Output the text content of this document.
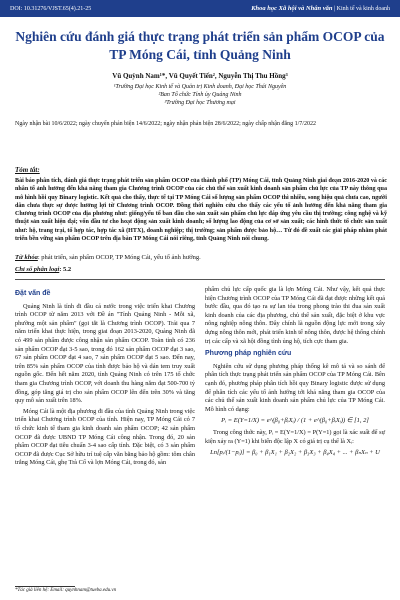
DOI: 10.31276/VJST.65(4).21-25	Khoa học Xã hội và Nhân văn | Kinh tế và kinh doanh
Nghiên cứu đánh giá thực trạng phát triển sản phẩm OCOP của TP Móng Cái, tỉnh Quảng Ninh
Vũ Quỳnh Nam¹*, Vũ Quyết Tiến², Nguyễn Thị Thu Hồng³
¹Trường Đại học Kinh tế và Quản trị Kinh doanh, Đại học Thái Nguyên
²Ban Tổ chức Tỉnh ủy Quảng Ninh
³Trường Đại học Thương mại
Ngày nhận bài 10/6/2022; ngày chuyển phản biện 14/6/2022; ngày nhận phản biện 28/6/2022; ngày chấp nhận đăng 1/7/2022
Tóm tắt:
Bài báo phân tích, đánh giá thực trạng phát triển sản phẩm OCOP của thành phố (TP) Móng Cái, tỉnh Quảng Ninh giai đoạn 2016-2020 và các nhân tố ảnh hưởng đến khả năng tham gia Chương trình OCOP của các chủ thể sản xuất kinh doanh sản phẩm chủ lực của TP này thông qua mô hình hồi quy Binary logistic. Kết quả cho thấy, thực tế tại TP Móng Cái số lượng sản phẩm OCOP thì nhiều, song hiệu quả chưa cao, người dân chưa thực sự được hưởng lợi từ Chương trình OCOP. Đồng thời nghiên cứu cho thấy các yếu tố ảnh hưởng đến khả năng tham gia Chương trình OCOP của địa phương như: giống/yếu tố ban đầu cho sản xuất sản phẩm chủ lực đáp ứng yêu cầu thị trường; công nghệ và kỹ thuật sản xuất hiện đại; vốn đầu tư cho hoạt động sản xuất kinh doanh; số lượng lao động của cơ sở sản xuất; các hình thức tổ chức sản xuất như: hộ, trang trại, tổ hợp tác, hợp tác xã (HTX), doanh nghiệp; thị trường; sản phẩm được bảo hộ… Từ đó đề xuất các giải pháp nhằm phát triển bền vững sản phẩm OCOP trên địa bàn TP Móng Cái nói riêng, tỉnh Quảng Ninh nói chung.
Từ khóa: phát triển, sản phẩm OCOP, TP Móng Cái, yếu tố ảnh hưởng.
Chỉ số phân loại: 5.2
Đặt vấn đề

Quảng Ninh là tỉnh đi đầu cả nước trong việc triển khai Chương trình OCOP từ năm 2013 với Đề án "Tỉnh Quảng Ninh - Mỗi xã, phường một sản phẩm" (gọi tắt là Chương trình OCOP). Trải qua 7 năm triển khai thực hiện, trong giai đoạn 2013-2020, Quảng Ninh đã có 499 sản phẩm được công nhận sản phẩm OCOP. Toàn tỉnh có 236 sản phẩm OCOP đạt 3-5 sao, trong đó 162 sản phẩm OCOP đạt 3 sao, 67 sản phẩm OCOP đạt 4 sao, 7 sản phẩm OCOP đạt 5 sao. Đến nay, trên 85% sản phẩm OCOP của tỉnh được bảo hộ và dán tem truy xuất nguồn gốc. Đến hết năm 2020, tỉnh Quảng Ninh có trên 175 tổ chức tham gia Chương trình OCOP, với doanh thu hàng năm đạt 500-700 tỷ đồng, góp tăng giá trị cho sản phẩm OCOP lên đến trên 30% và tăng quy mô sản xuất trên 18%.

Móng Cái là một địa phương đi đầu của tỉnh Quảng Ninh trong việc triển khai Chương trình OCOP của tỉnh. Hiện nay, TP Móng Cái có 7 tổ chức kinh tế tham gia kinh doanh sản phẩm OCOP; 42 sản phẩm OCOP đã được UBND TP Móng Cái công nhận. Trong đó, 20 sản phẩm OCOP đạt tiêu chuẩn 3-4 sao cấp tỉnh. Đặc biệt, có 3 sản phẩm OCOP đã được Cục Sở hữu trí tuệ cấp văn bằng bảo hộ gồm: tôm chân trắng Móng Cái, ghẹ Trà Cổ và lợn Móng Cái, trong đó, sản

phẩm chủ lực cấp quốc gia là lợn Móng Cái. Như vậy, kết quả thực hiện Chương trình OCOP của TP Móng Cái đã đạt được những kết quả bước đầu, qua đó tạo ra sự lan tỏa trong phong trào thi đua sản xuất kinh doanh của các địa phương, chủ thể sản xuất, đặc biệt ở khu vực nông nghiệp nông thôn. Đây chính là nguồn động lực mới trong xây dựng nông thôn mới, phát triển kinh tế nông thôn, được hệ thống chính trị các cấp và xã hội đồng tình ủng hộ, tích cực tham gia.

Phương pháp nghiên cứu

Nghiên cứu sử dụng phương pháp thống kê mô tả và so sánh để phân tích thực trạng phát triển sản phẩm OCOP của TP Móng Cái. Bên cạnh đó, phương pháp phân tích hồi quy Binary logistic được sử dụng để phân tích các yếu tố ảnh hưởng tới khả năng tham gia OCOP của các chủ thể sản xuất kinh doanh sản phẩm chủ lực của TP Móng Cái. Mô hình có dạng:

Pᵢ = E(Y=1/X) = e^(β₀+βᵢXᵢ) / (1 + e^(β₀+βᵢXᵢ)) ∈ [1, 2]

Trong công thức này, Pᵢ = E(Y=1/X) = P(Y=1) gọi là xác suất để sự kiện xảy ra (Y=1) khi biến độc lập X có giá trị cụ thể là Xᵢ:

Ln[pᵢ/(1−pᵢ)] = β₀ + β₁X₁ + β₂X₂ + β₃X₃ + β₄X₄ + ... + βₙXₙ + U
*Tác giả liên hệ: Email: quynhnam@tueba.edu.vn
